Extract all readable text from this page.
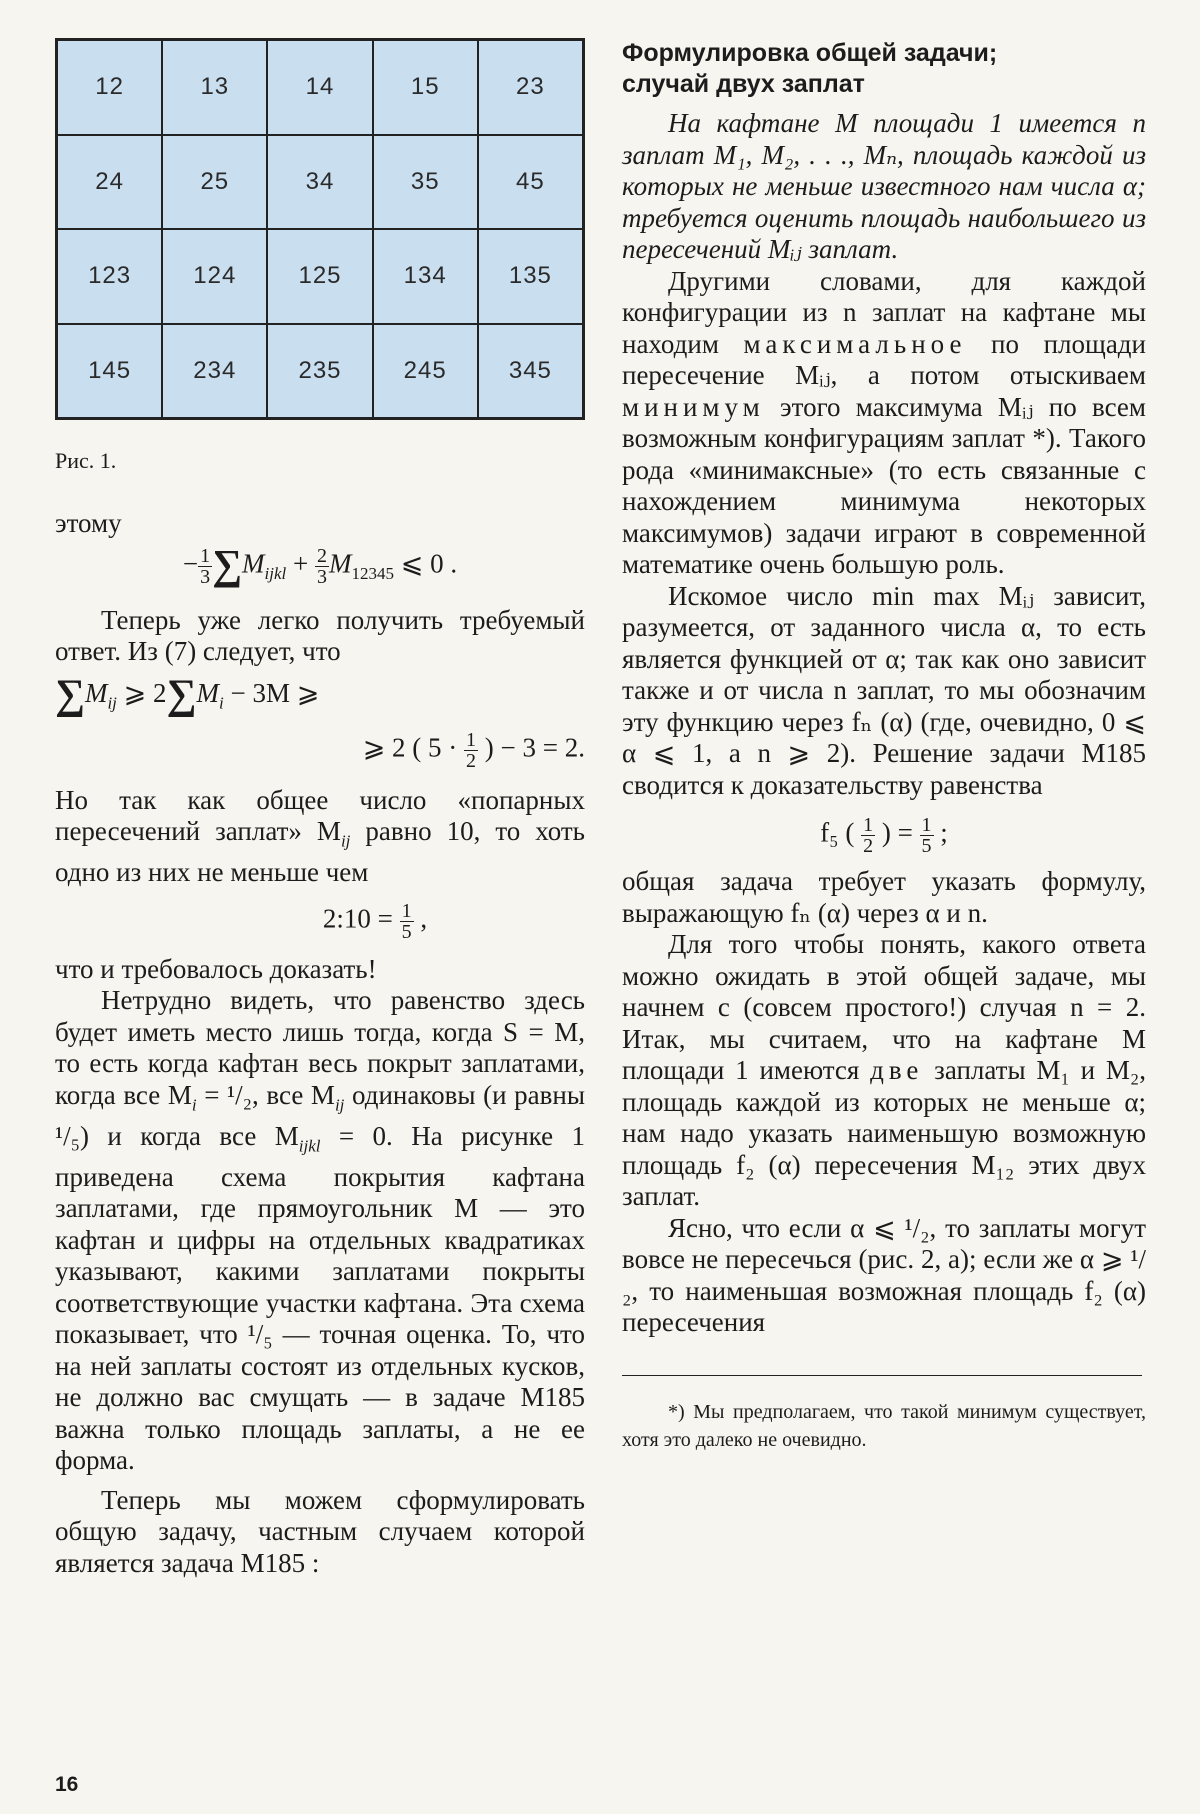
12	13	14	15	23
24	25	34	35	45
123	124	125	134	135
145	234	235	245	345
Рис. 1.

этому

− $\frac{1}{3} \sum M_{ijkl} + \frac{2}{3} M_{12345}$ ⩽ 0 .

Теперь уже легко получить требуемый ответ. Из (7) следует, что

$\sum M_{ij}$ ⩾ $2\sum M_i - 3M$ ⩾
⩾ 2 ( $5 \cdot \frac{1}{2}$ ) − 3 = 2.

Но так как общее число «попарных пересечений заплат» $M_{ij}$ равно 10, то хоть одно из них не меньше чем

2:10 = $\frac{1}{5}$ ,

что и требовалось доказать!

Нетрудно видеть, что равенство здесь будет иметь место лишь тогда, когда S = M, то есть когда кафтан весь покрыт заплатами, когда все $M_i = ^1/_2$, все $M_{ij}$ одинаковы (и равны ¹/₅) и когда все $M_{ijkl} = 0$. На рисунке 1 приведена схема покрытия кафтана заплатами, где прямоугольник M — это кафтан и цифры на отдельных квадратиках указывают, какими заплатами покрыты соответствующие участки кафтана. Эта схема показывает, что ¹/₅ — точная оценка. То, что на ней заплаты состоят из отдельных кусков, не должно вас смущать — в задаче М185 важна только площадь заплаты, а не ее форма.

Теперь мы можем сформулировать общую задачу, частным случаем которой является задача М185 :

Формулировка общей задачи;
случай двух заплат

На кафтане M площади 1 имеется n заплат M₁, M₂, . . ., Mₙ, площадь каждой из которых не меньше известного нам числа α; требуется оценить площадь наибольшего из пересечений Mᵢⱼ заплат.

Другими словами, для каждой конфигурации из n заплат на кафтане мы находим максимальное по площади пересечение Mᵢⱼ, а потом отыскиваем минимум этого максимума Mᵢⱼ по всем возможным конфигурациям заплат *). Такого рода «минимаксные» (то есть связанные с нахождением минимума некоторых максимумов) задачи играют в современной математике очень большую роль.

Искомое число min max Mᵢⱼ зависит, разумеется, от заданного числа α, то есть является функцией от α; так как оно зависит также и от числа n заплат, то мы обозначим эту функцию через fₙ (α) (где, очевидно, 0 ⩽ α ⩽ 1, а n ⩾ 2). Решение задачи М185 сводится к доказательству равенства

f₅ ( $\frac{1}{2}$ ) = $\frac{1}{5}$ ;

общая задача требует указать формулу, выражающую fₙ (α) через α и n.

Для того чтобы понять, какого ответа можно ожидать в этой общей задаче, мы начнем с (совсем простого!) случая n = 2. Итак, мы считаем, что на кафтане M площади 1 имеются две заплаты M₁ и M₂, площадь каждой из которых не меньше α; нам надо указать наименьшую возможную площадь f₂ (α) пересечения M₁₂ этих двух заплат.

Ясно, что если α ⩽ ¹/₂, то заплаты могут вовсе не пересечься (рис. 2, a); если же α ⩾ ¹/₂, то наименьшая возможная площадь f₂ (α) пересечения

*) Мы предполагаем, что такой минимум существует, хотя это далеко не очевидно.

16
